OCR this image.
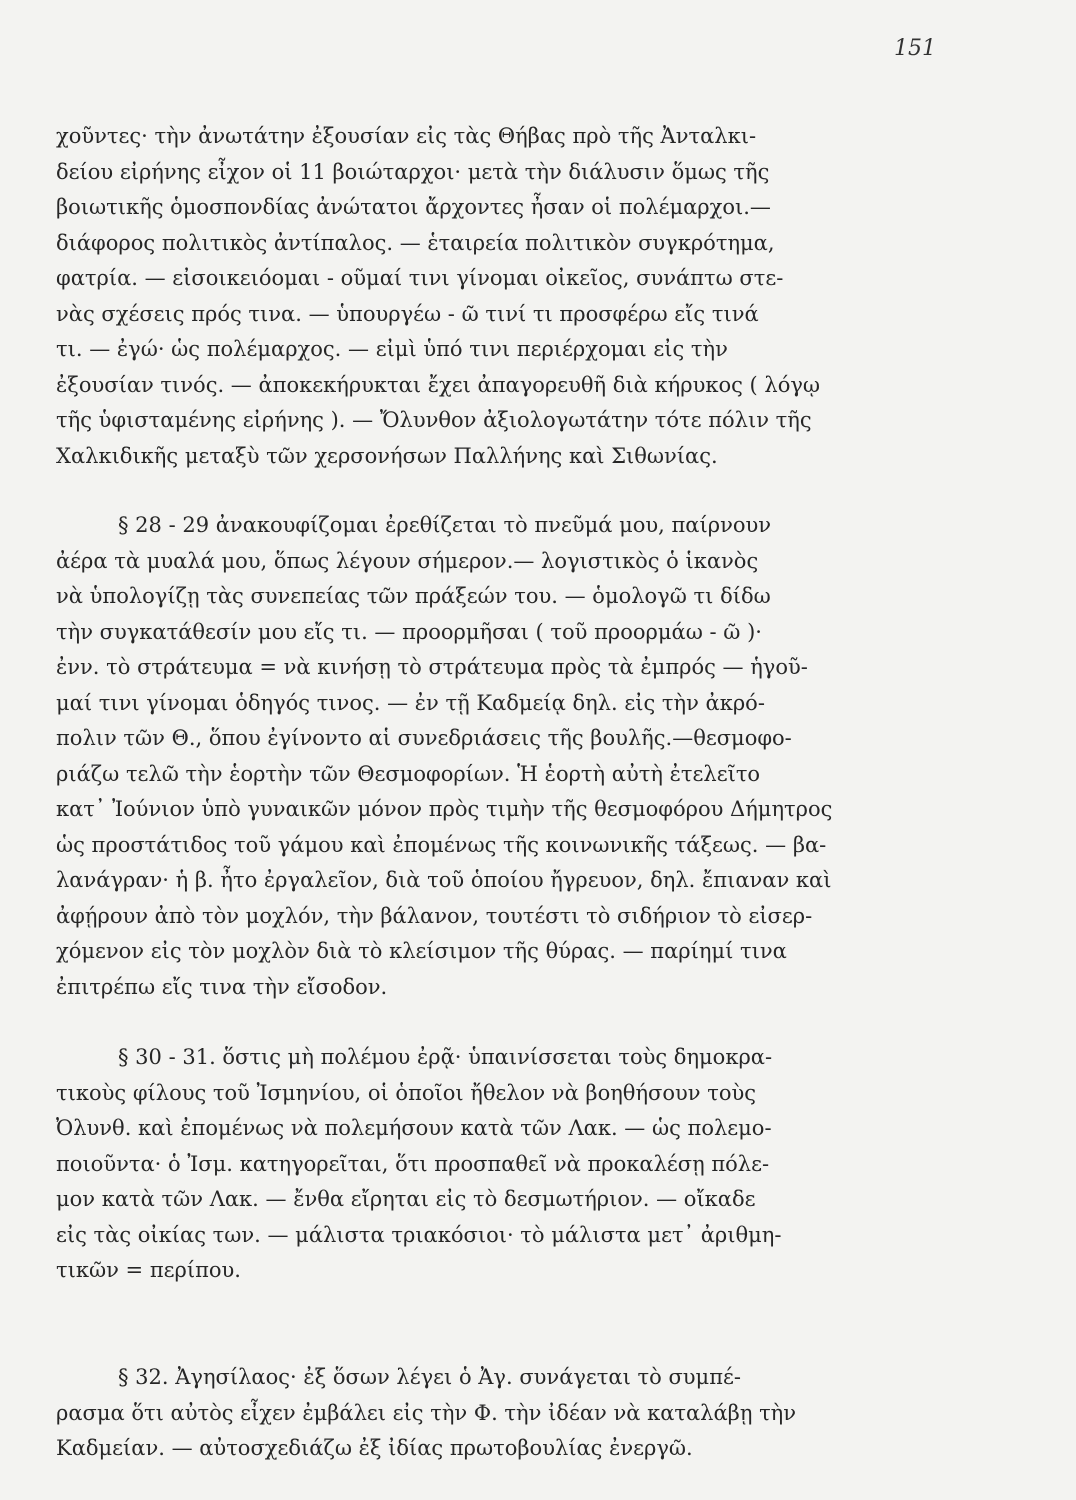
151
χοῦντες· τὴν ἀνωτάτην ἐξουσίαν εἰς τὰς Θήβας πρὸ τῆς Ἀνταλκι-
δείου εἰρήνης εἶχον οἱ 11 βοιώταρχοι· μετὰ τὴν διάλυσιν ὅμως τῆς
βοιωτικῆς ὁμοσπονδίας ἀνώτατοι ἄρχοντες ἦσαν οἱ πολέμαρχοι.—
διάφορος πολιτικὸς ἀντίπαλος. — ἑταιρεία πολιτικὸν συγκρότημα,
φατρία. — εἰσοικειόομαι - οῦμαί τινι γίνομαι οἰκεῖος, συνάπτω στε-
νὰς σχέσεις πρός τινα. — ὑπουργέω - ῶ τινί τι προσφέρω εἴς τινά
τι. — ἐγώ· ὡς πολέμαρχος. — εἰμὶ ὑπό τινι περιέρχομαι εἰς τὴν
ἐξουσίαν τινός. — ἀποκεκήρυκται ἔχει ἀπαγορευθῆ διὰ κήρυκος ( λόγῳ
τῆς ὑφισταμένης εἰρήνης ). — Ὄλυνθον ἀξιολογωτάτην τότε πόλιν τῆς
Χαλκιδικῆς μεταξὺ τῶν χερσονήσων Παλλήνης καὶ Σιθωνίας.
§ 28 - 29 ἀνακουφίζομαι ἐρεθίζεται τὸ πνεῦμά μου, παίρνουν
ἀέρα τὰ μυαλά μου, ὅπως λέγουν σήμερον.— λογιστικὸς ὁ ἱκανὸς
νὰ ὑπολογίζῃ τὰς συνεπείας τῶν πράξεών του. — ὁμολογῶ τι δίδω
τὴν συγκατάθεσίν μου εἴς τι. — προορμῆσαι ( τοῦ προορμάω - ῶ )·
ἐνν. τὸ στράτευμα = νὰ κινήσῃ τὸ στράτευμα πρὸς τὰ ἐμπρός — ἡγοῦ-
μαί τινι γίνομαι ὁδηγός τινος. — ἐν τῇ Καδμείᾳ δηλ. εἰς τὴν ἀκρό-
πολιν τῶν Θ., ὅπου ἐγίνοντο αἱ συνεδριάσεις τῆς βουλῆς.—θεσμοφο-
ριάζω τελῶ τὴν ἑορτὴν τῶν Θεσμοφορίων. Ἡ ἑορτὴ αὐτὴ ἐτελεῖτο
κατ᾽ Ἰούνιον ὑπὸ γυναικῶν μόνον πρὸς τιμὴν τῆς θεσμοφόρου Δήμητρος
ὡς προστάτιδος τοῦ γάμου καὶ ἐπομένως τῆς κοινωνικῆς τάξεως. — βα-
λανάγραν· ἡ β. ἦτο ἐργαλεῖον, διὰ τοῦ ὁποίου ἤγρευον, δηλ. ἔπιαναν καὶ
ἀφῄρουν ἀπὸ τὸν μοχλόν, τὴν βάλανον, τουτέστι τὸ σιδήριον τὸ εἰσερ-
χόμενον εἰς τὸν μοχλὸν διὰ τὸ κλείσιμον τῆς θύρας. — παρίημί τινα
ἐπιτρέπω εἴς τινα τὴν εἴσοδον.
§ 30 - 31. ὅστις μὴ πολέμου ἐρᾷ· ὑπαινίσσεται τοὺς δημοκρα-
τικοὺς φίλους τοῦ Ἰσμηνίου, οἱ ὁποῖοι ἤθελον νὰ βοηθήσουν τοὺς
Ὀλυνθ. καὶ ἐπομένως νὰ πολεμήσουν κατὰ τῶν Λακ. — ὡς πολεμο-
ποιοῦντα· ὁ Ἰσμ. κατηγορεῖται, ὅτι προσπαθεῖ νὰ προκαλέσῃ πόλε-
μον κατὰ τῶν Λακ. — ἔνθα εἴρηται εἰς τὸ δεσμωτήριον. — οἴκαδε
εἰς τὰς οἰκίας των. — μάλιστα τριακόσιοι· τὸ μάλιστα μετ᾽ ἀριθμη-
τικῶν = περίπου.
§ 32. Ἀγησίλαος· ἐξ ὅσων λέγει ὁ Ἀγ. συνάγεται τὸ συμπέ-
ρασμα ὅτι αὐτὸς εἶχεν ἐμβάλει εἰς τὴν Φ. τὴν ἰδέαν νὰ καταλάβῃ τὴν
Καδμείαν. — αὐτοσχεδιάζω ἐξ ἰδίας πρωτοβουλίας ἐνεργῶ.
